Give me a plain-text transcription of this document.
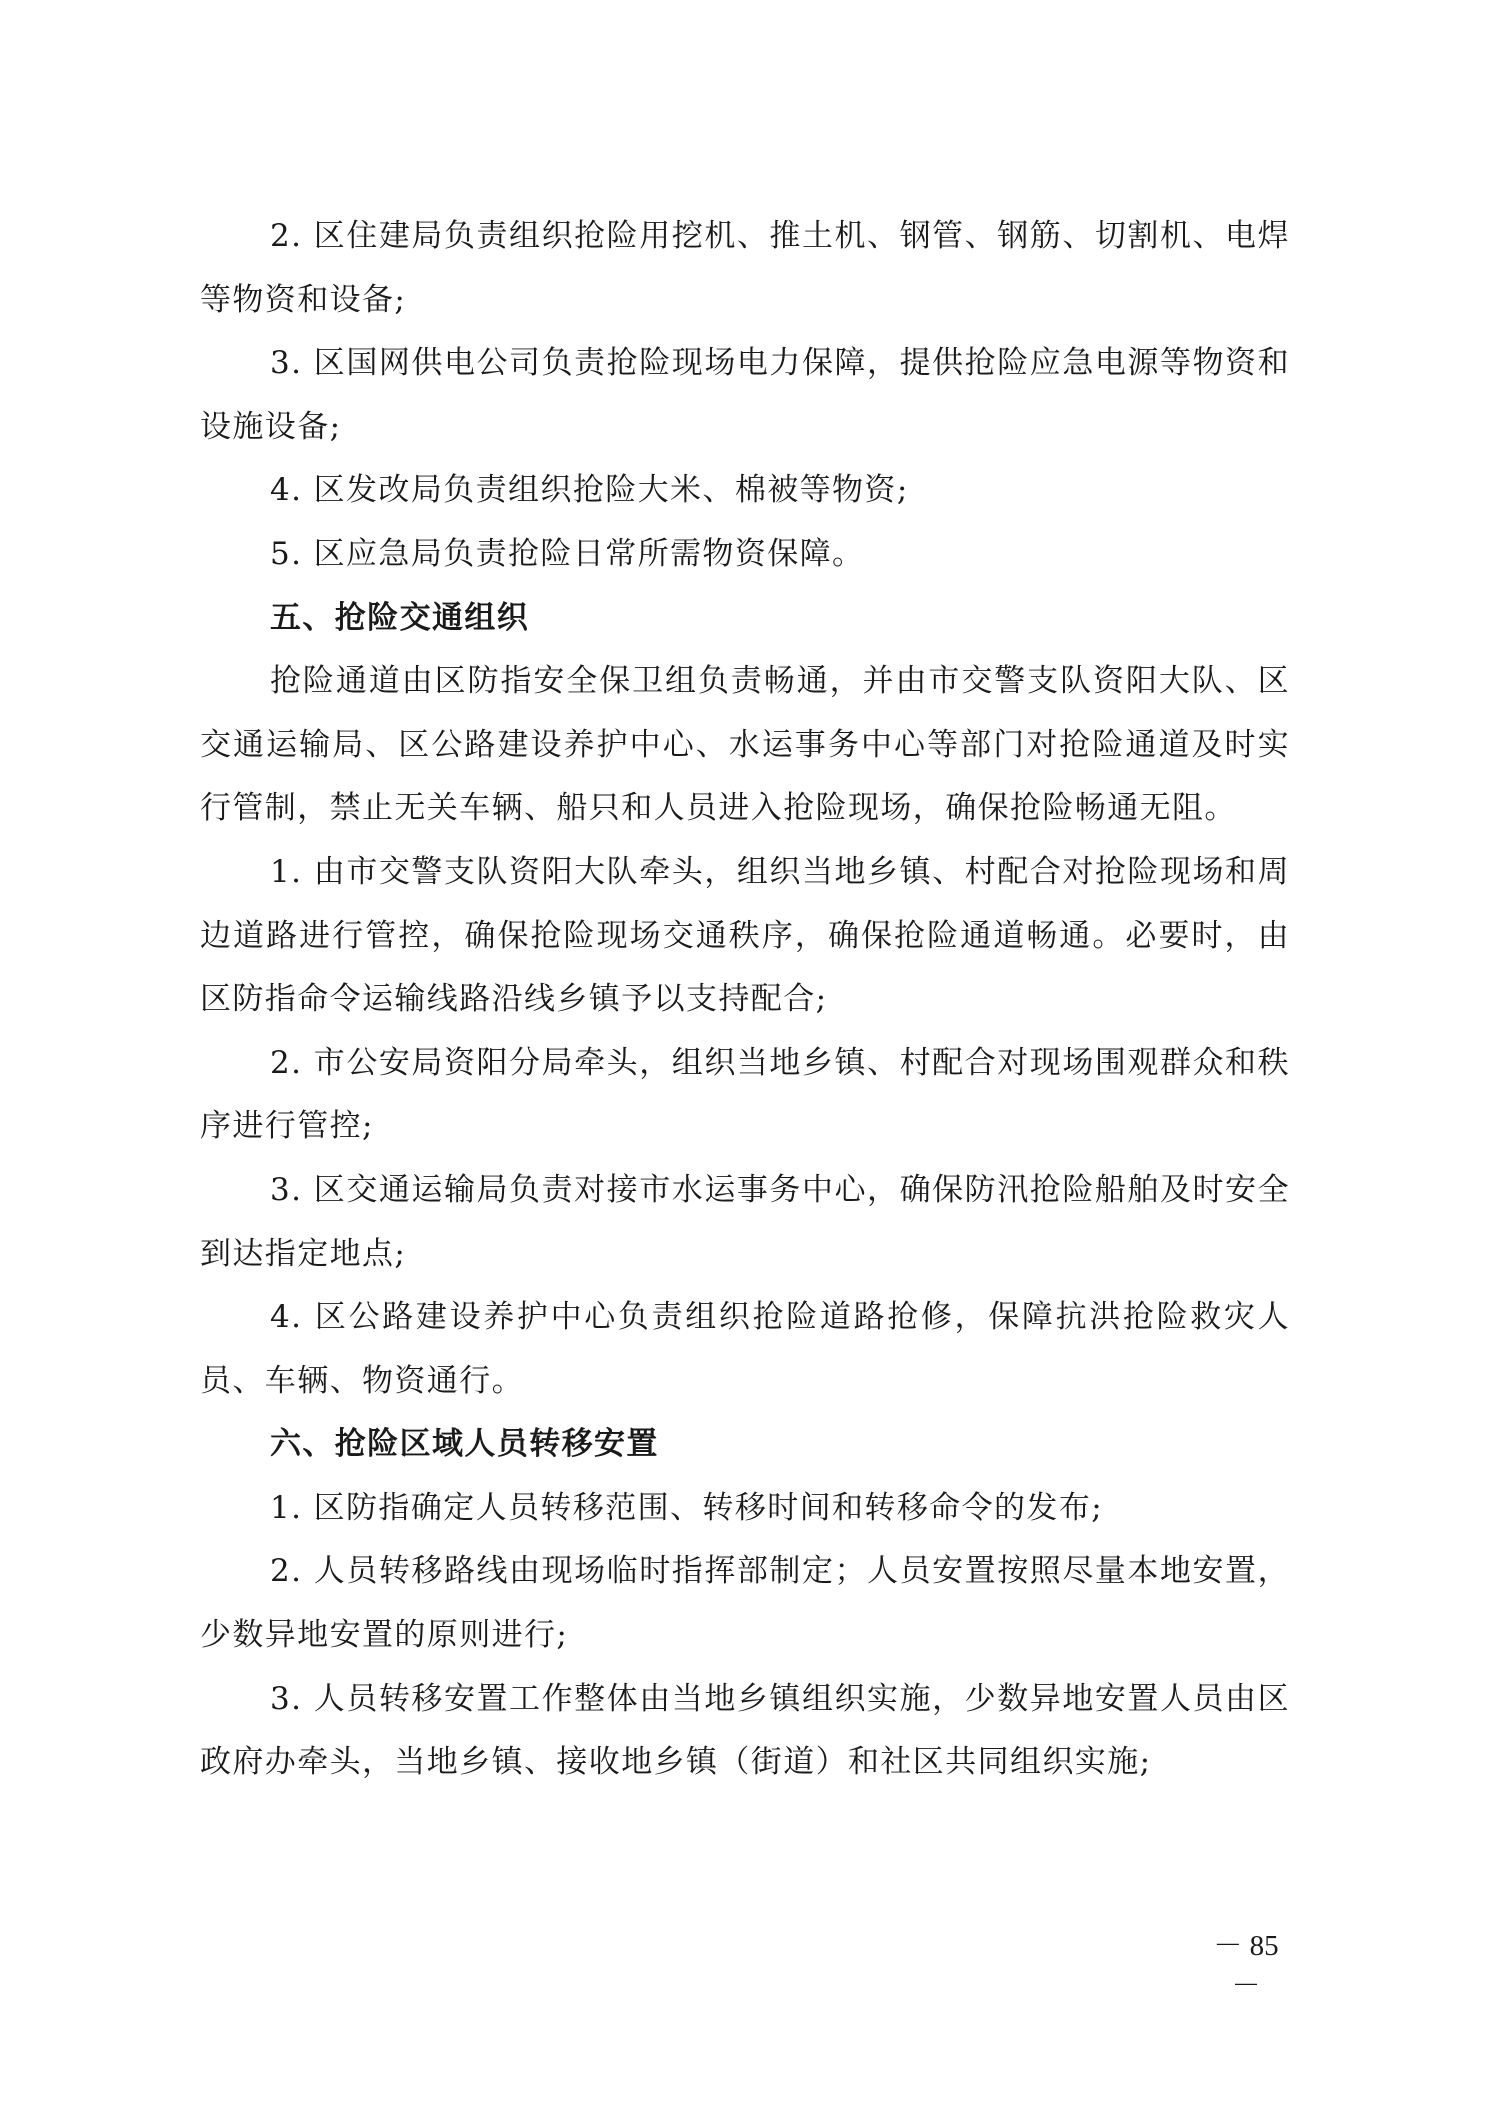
2. 区住建局负责组织抢险用挖机、推土机、钢管、钢筋、切割机、电焊等物资和设备;

3. 区国网供电公司负责抢险现场电力保障，提供抢险应急电源等物资和设施设备;

4. 区发改局负责组织抢险大米、棉被等物资;

5. 区应急局负责抢险日常所需物资保障。

五、抢险交通组织

抢险通道由区防指安全保卫组负责畅通，并由市交警支队资阳大队、区交通运输局、区公路建设养护中心、水运事务中心等部门对抢险通道及时实行管制，禁止无关车辆、船只和人员进入抢险现场，确保抢险畅通无阻。

1. 由市交警支队资阳大队牵头，组织当地乡镇、村配合对抢险现场和周边道路进行管控，确保抢险现场交通秩序，确保抢险通道畅通。必要时，由区防指命令运输线路沿线乡镇予以支持配合;

2. 市公安局资阳分局牵头，组织当地乡镇、村配合对现场围观群众和秩序进行管控;

3. 区交通运输局负责对接市水运事务中心，确保防汛抢险船舶及时安全到达指定地点;

4. 区公路建设养护中心负责组织抢险道路抢修，保障抗洪抢险救灾人员、车辆、物资通行。

六、抢险区域人员转移安置

1. 区防指确定人员转移范围、转移时间和转移命令的发布;

2. 人员转移路线由现场临时指挥部制定；人员安置按照尽量本地安置，少数异地安置的原则进行;

3. 人员转移安置工作整体由当地乡镇组织实施，少数异地安置人员由区政府办牵头，当地乡镇、接收地乡镇（街道）和社区共同组织实施;

－ 85 －
